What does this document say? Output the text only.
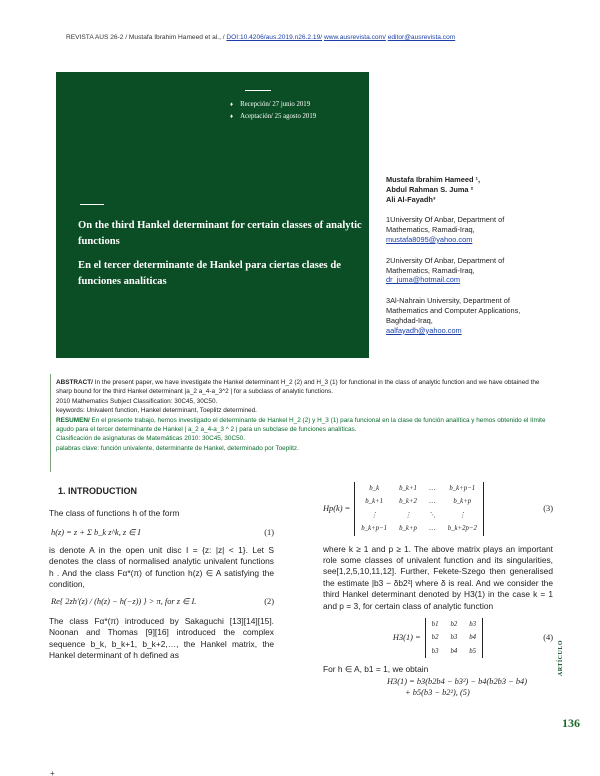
REVISTA AUS 26-2 / Mustafa Ibrahim Hameed et al., / DOI:10.4206/aus.2019.n26.2.19/ www.ausrevista.com/ editor@ausrevista.com
♦ Recepción/ 27 junio 2019
♦ Aceptación/ 25 agosto 2019
On the third Hankel determinant for certain classes of analytic functions
En el tercer determinante de Hankel para ciertas clases de funciones analíticas
Mustafa Ibrahim Hameed ¹,
Abdul Rahman S. Juma ²
Ali Al-Fayadh³
1University Of Anbar, Department of Mathematics, Ramadi-Iraq,
mustafa8095@yahoo.com
2University Of Anbar, Department of Mathematics, Ramadi-Iraq,
dr_juma@hotmail.com
3Al-Nahrain University, Department of Mathematics and Computer Applications, Baghdad-Iraq,
aalfayadh@yahoo.com
ABSTRACT/ In the present paper, we have investigate the Hankel determinant H_2 (2) and H_3 (1) for functional in the class of analytic function and we have obtained the sharp bound for the third Hankel determinant |a_2 a_4-a_3^2 | for a subclass of analytic functions.
2010 Mathematics Subject Classification: 30C45, 30C50.
keywords: Univalent function, Hankel determinant, Toeplitz determined.
RESUMEN/ En el presente trabajo, hemos investigado el determinante de Hankel H_2 (2) y H_3 (1) para funcional en la clase de función analítica y hemos obtenido el límite agudo para el tercer determinante de Hankel | a_2 a_4-a_3 ^ 2 | para un subclase de funciones analíticas.
Clasificación de asignaturas de Matemáticas 2010: 30C45, 30C50.
palabras clave: función univalente, determinante de Hankel, determinado por Toeplitz.
1. INTRODUCTION

The class of functions h of the form

h(z) = z + Σ b_k z^k, z ∈ I	(1)

is denote A in the open unit disc I = {z: |z| < 1}. Let S denotes the class of normalised analytic univalent functions h . And the class Fα*(π) of function h(z) ∈ A satisfying the condition,

Re{ 2zh′(z) / (h(z) − h(−z)) } > π, for z ∈ I.	(2)

The class Fα*(π) introduced by Sakaguchi [13][14][15]. Noonan and Thomas [9][16] introduced the complex sequence b_k, b_k+1, b_k+2,…, the Hankel matrix, the Hankel determinant of h defined as

Hp(k) =
b_k	b_k+1	…	b_k+p−1
b_k+1	b_k+2	…	b_k+p
⋮	⋮	⋱	⋮
b_k+p−1	b_k+p	…	b_k+2p−2
(3)

where k ≥ 1 and p ≥ 1. The above matrix plays an important role some classes of univalent function and its singularities, see[1,2,5,10,11,12]. Further, Fekete-Szego then generalised the estimate |b3 − δb2²| where δ is real. And we consider the third Hankel determinant denoted by H3(1) in the case k = 1 and p = 3, for certain class of analytic function

H3(1) =
b1	b2	b3
b2	b3	b4
b3	b4	b5
(4)

For h ∈ A, b1 = 1, we obtain

H3(1) = b3(b2b4 − b3²) − b4(b2b3 − b4)
+ b5(b3 − b2²), (5)
ARTÍCULO
136
+
